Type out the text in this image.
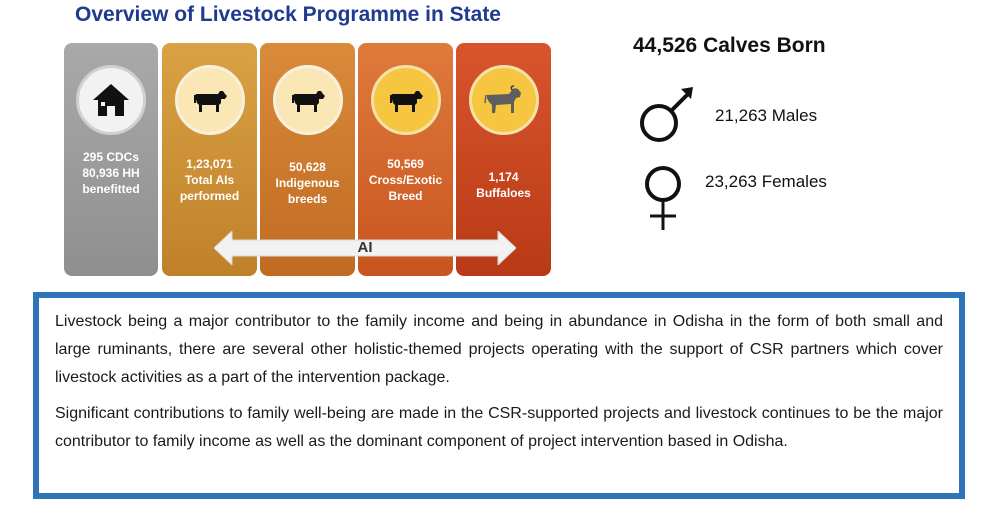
Overview of Livestock Programme in State
295 CDCs
80,936 HH
benefitted
1,23,071
Total AIs
performed
50,628
Indigenous
breeds
50,569
Cross/Exotic
Breed
1,174
Buffaloes
AI
44,526 Calves Born
21,263 Males
23,263 Females

Livestock being a major contributor to the family income and being in abundance in Odisha in the form of both small and large ruminants, there are several other holistic-themed projects operating with the support of CSR partners which cover livestock activities as a part of the intervention package.

Significant contributions to family well-being are made in the CSR-supported projects and livestock continues to be the major contributor to family income as well as the dominant component of project intervention based in Odisha.
